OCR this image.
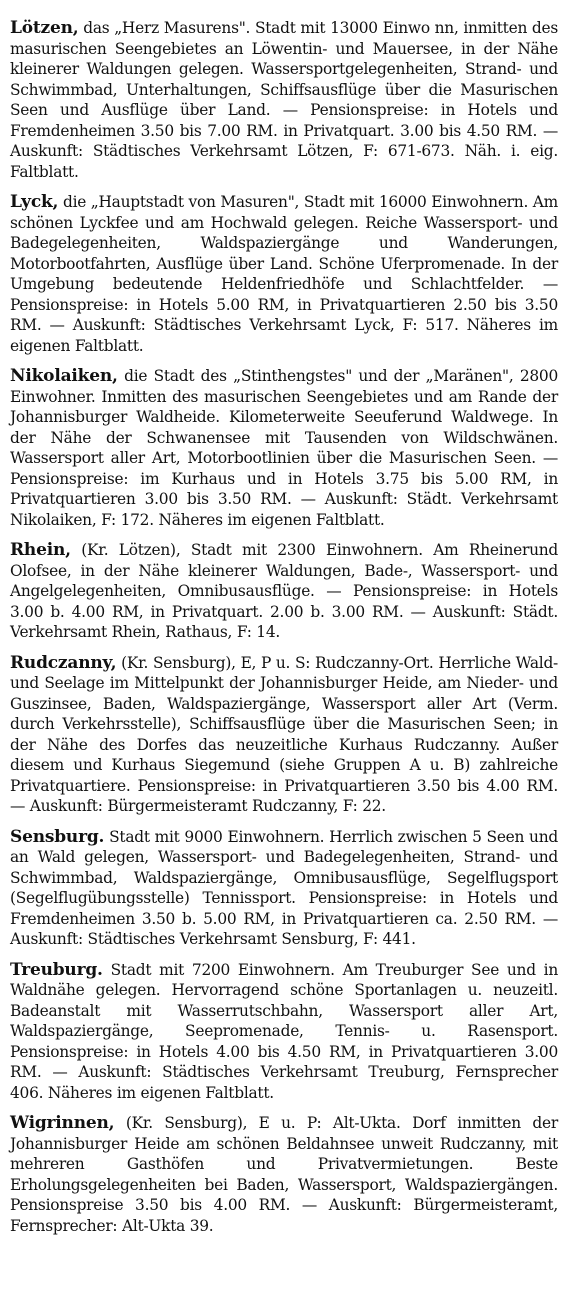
Lötzen, das „Herz Masurens". Stadt mit 13000 Einwo nn, inmitten des masurischen Seengebietes an Löwentin- und Mauersee, in der Nähe kleinerer Waldungen gelegen. Wassersportgelegenheiten, Strand- und Schwimmbad, Unterhaltungen, Schiffsausflüge über die Masurischen Seen und Ausflüge über Land. — Pensionspreise: in Hotels und Fremdenheimen 3.50 bis 7.00 RM. in Privatquart. 3.00 bis 4.50 RM. — Auskunft: Städtisches Verkehrsamt Lötzen, F: 671-673. Näh. i. eig. Faltblatt.

Lyck, die „Hauptstadt von Masuren", Stadt mit 16000 Einwohnern. Am schönen Lyckfee und am Hochwald gelegen. Reiche Wassersport- und Badegelegenheiten, Waldspaziergänge und Wanderungen, Motorbootfahrten, Ausflüge über Land. Schöne Uferpromenade. In der Umgebung bedeutende Heldenfriedhöfe und Schlachtfelder. — Pensionspreise: in Hotels 5.00 RM, in Privatquartieren 2.50 bis 3.50 RM. — Auskunft: Städtisches Verkehrsamt Lyck, F: 517. Näheres im eigenen Faltblatt.

Nikolaiken, die Stadt des „Stinthengstes" und der „Maränen", 2800 Einwohner. Inmitten des masurischen Seengebietes und am Rande der Johannisburger Waldheide. Kilometerweite Seeuferund Waldwege. In der Nähe der Schwanensee mit Tausenden von Wildschwänen. Wassersport aller Art, Motorbootlinien über die Masurischen Seen. — Pensionspreise: im Kurhaus und in Hotels 3.75 bis 5.00 RM, in Privatquartieren 3.00 bis 3.50 RM. — Auskunft: Städt. Verkehrsamt Nikolaiken, F: 172. Näheres im eigenen Faltblatt.

Rhein, (Kr. Lötzen), Stadt mit 2300 Einwohnern. Am Rheinerund Olofsee, in der Nähe kleinerer Waldungen, Bade-, Wassersport- und Angelgelegenheiten, Omnibusausflüge. — Pensionspreise: in Hotels 3.00 b. 4.00 RM, in Privatquart. 2.00 b. 3.00 RM. — Auskunft: Städt. Verkehrsamt Rhein, Rathaus, F: 14.

Rudczanny, (Kr. Sensburg), E, P u. S: Rudczanny-Ort. Herrliche Wald- und Seelage im Mittelpunkt der Johannisburger Heide, am Nieder- und Guszinsee, Baden, Waldspaziergänge, Wassersport aller Art (Verm. durch Verkehrsstelle), Schiffsausflüge über die Masurischen Seen; in der Nähe des Dorfes das neuzeitliche Kurhaus Rudczanny. Außer diesem und Kurhaus Siegemund (siehe Gruppen A u. B) zahlreiche Privatquartiere. Pensionspreise: in Privatquartieren 3.50 bis 4.00 RM. — Auskunft: Bürgermeisteramt Rudczanny, F: 22.

Sensburg. Stadt mit 9000 Einwohnern. Herrlich zwischen 5 Seen und an Wald gelegen, Wassersport- und Badegelegenheiten, Strand- und Schwimmbad, Waldspaziergänge, Omnibusausflüge, Segelflugsport (Segelflugübungsstelle) Tennissport. Pensionspreise: in Hotels und Fremdenheimen 3.50 b. 5.00 RM, in Privatquartieren ca. 2.50 RM. — Auskunft: Städtisches Verkehrsamt Sensburg, F: 441.

Treuburg. Stadt mit 7200 Einwohnern. Am Treuburger See und in Waldnähe gelegen. Hervorragend schöne Sportanlagen u. neuzeitl. Badeanstalt mit Wasserrutschbahn, Wassersport aller Art, Waldspaziergänge, Seepromenade, Tennis- u. Rasensport. Pensionspreise: in Hotels 4.00 bis 4.50 RM, in Privatquartieren 3.00 RM. — Auskunft: Städtisches Verkehrsamt Treuburg, Fernsprecher 406. Näheres im eigenen Faltblatt.

Wigrinnen, (Kr. Sensburg), E u. P: Alt-Ukta. Dorf inmitten der Johannisburger Heide am schönen Beldahnsee unweit Rudczanny, mit mehreren Gasthöfen und Privatvermietungen. Beste Erholungsgelegenheiten bei Baden, Wassersport, Waldspaziergängen. Pensionspreise 3.50 bis 4.00 RM. — Auskunft: Bürgermeisteramt, Fernsprecher: Alt-Ukta 39.
